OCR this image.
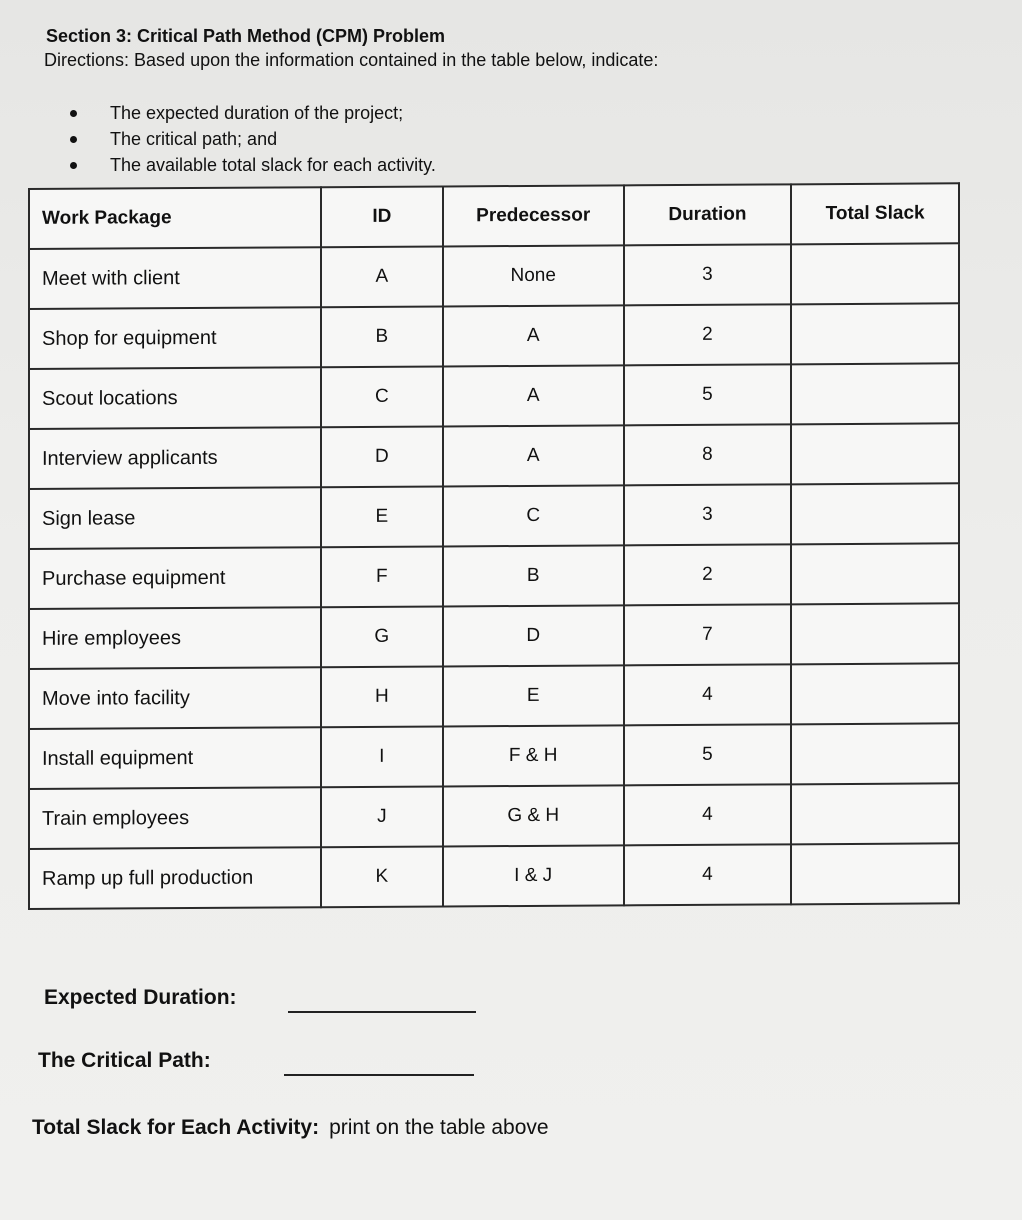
Section 3: Critical Path Method (CPM) Problem
Directions: Based upon the information contained in the table below, indicate:
The expected duration of the project;
The critical path; and
The available total slack for each activity.
Work Package	ID	Predecessor	Duration	Total Slack
Meet with client	A	None	3	
Shop for equipment	B	A	2	
Scout locations	C	A	5	
Interview applicants	D	A	8	
Sign lease	E	C	3	
Purchase equipment	F	B	2	
Hire employees	G	D	7	
Move into facility	H	E	4	
Install equipment	I	F & H	5	
Train employees	J	G & H	4	
Ramp up full production	K	I & J	4	
Expected Duration:
The Critical Path:
Total Slack for Each Activity: print on the table above
